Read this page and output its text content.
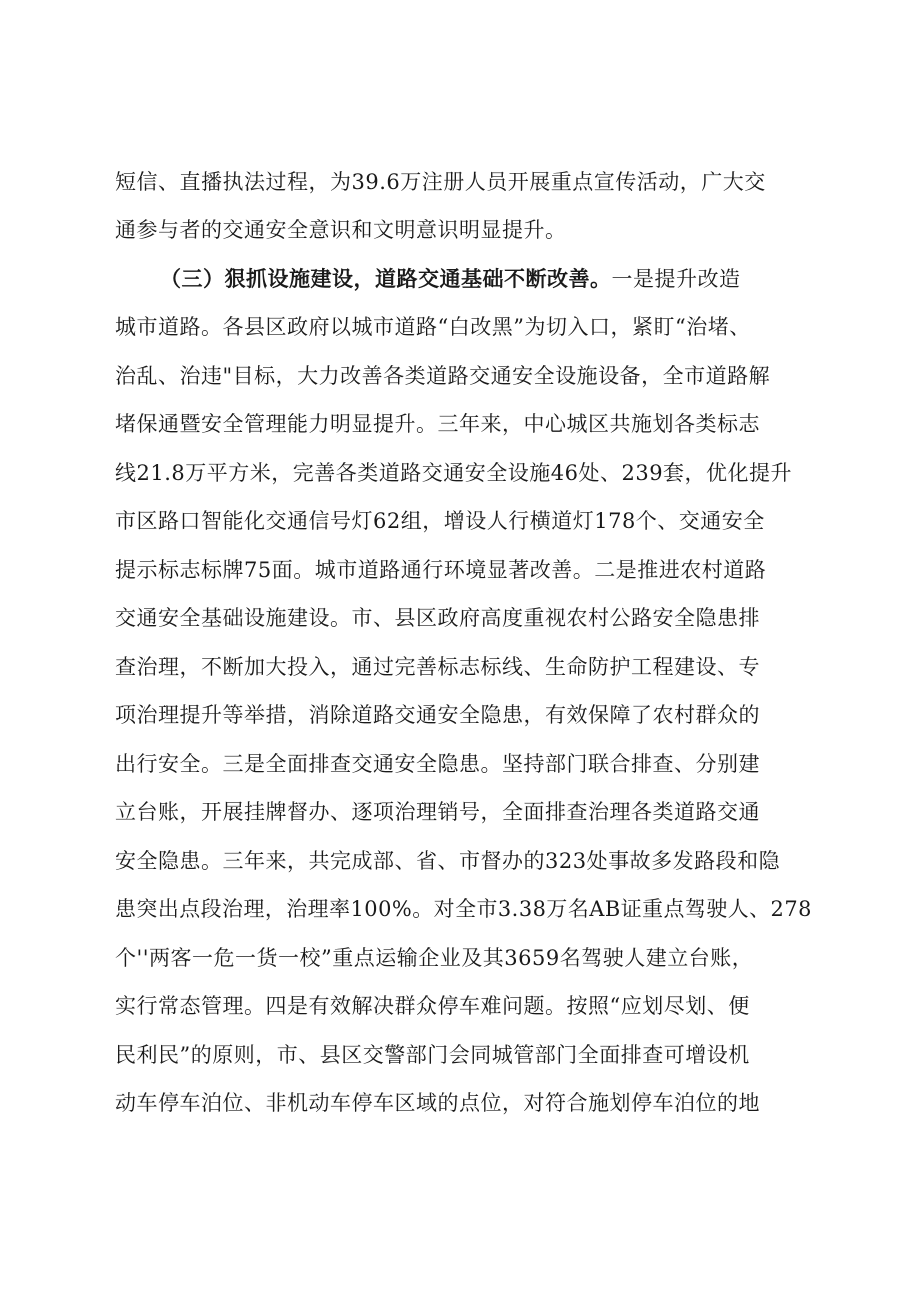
短信、直播执法过程，为39.6万注册人员开展重点宣传活动，广大交
通参与者的交通安全意识和文明意识明显提升。
（三）狠抓设施建设，道路交通基础不断改善。一是提升改造
城市道路。各县区政府以城市道路“白改黑”为切入口，紧盯“治堵、
治乱、治违"目标，大力改善各类道路交通安全设施设备，全市道路解
堵保通暨安全管理能力明显提升。三年来，中心城区共施划各类标志
线21.8万平方米，完善各类道路交通安全设施46处、239套，优化提升
市区路口智能化交通信号灯62组，增设人行横道灯178个、交通安全
提示标志标牌75面。城市道路通行环境显著改善。二是推进农村道路
交通安全基础设施建设。市、县区政府高度重视农村公路安全隐患排
查治理，不断加大投入，通过完善标志标线、生命防护工程建设、专
项治理提升等举措，消除道路交通安全隐患，有效保障了农村群众的
出行安全。三是全面排查交通安全隐患。坚持部门联合排查、分别建
立台账，开展挂牌督办、逐项治理销号，全面排查治理各类道路交通
安全隐患。三年来，共完成部、省、市督办的323处事故多发路段和隐
患突出点段治理，治理率100%。对全市3.38万名AB证重点驾驶人、278
个''两客一危一货一校”重点运输企业及其3659名驾驶人建立台账，
实行常态管理。四是有效解决群众停车难问题。按照“应划尽划、便
民利民”的原则，市、县区交警部门会同城管部门全面排查可增设机
动车停车泊位、非机动车停车区域的点位，对符合施划停车泊位的地
